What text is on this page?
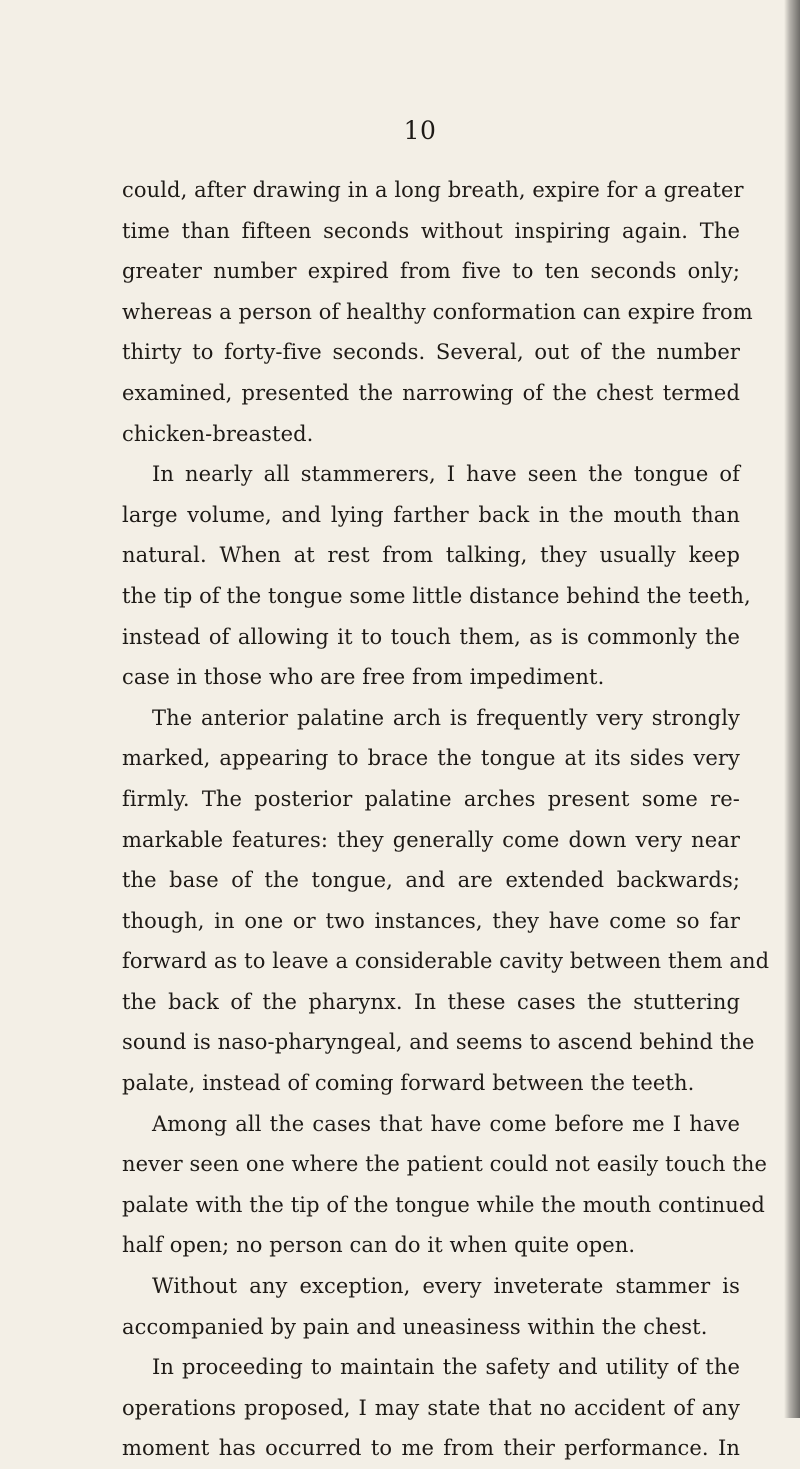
10
could, after drawing in a long breath, expire for a greater
time than fifteen seconds without inspiring again. The
greater number expired from five to ten seconds only;
whereas a person of healthy conformation can expire from
thirty to forty-five seconds. Several, out of the number
examined, presented the narrowing of the chest termed
chicken-breasted.
In nearly all stammerers, I have seen the tongue of
large volume, and lying farther back in the mouth than
natural. When at rest from talking, they usually keep
the tip of the tongue some little distance behind the teeth,
instead of allowing it to touch them, as is commonly the
case in those who are free from impediment.
The anterior palatine arch is frequently very strongly
marked, appearing to brace the tongue at its sides very
firmly. The posterior palatine arches present some re-
markable features: they generally come down very near
the base of the tongue, and are extended backwards;
though, in one or two instances, they have come so far
forward as to leave a considerable cavity between them and
the back of the pharynx. In these cases the stuttering
sound is naso-pharyngeal, and seems to ascend behind the
palate, instead of coming forward between the teeth.
Among all the cases that have come before me I have
never seen one where the patient could not easily touch the
palate with the tip of the tongue while the mouth continued
half open; no person can do it when quite open.
Without any exception, every inveterate stammer is
accompanied by pain and uneasiness within the chest.
In proceeding to maintain the safety and utility of the
operations proposed, I may state that no accident of any
moment has occurred to me from their performance. In
